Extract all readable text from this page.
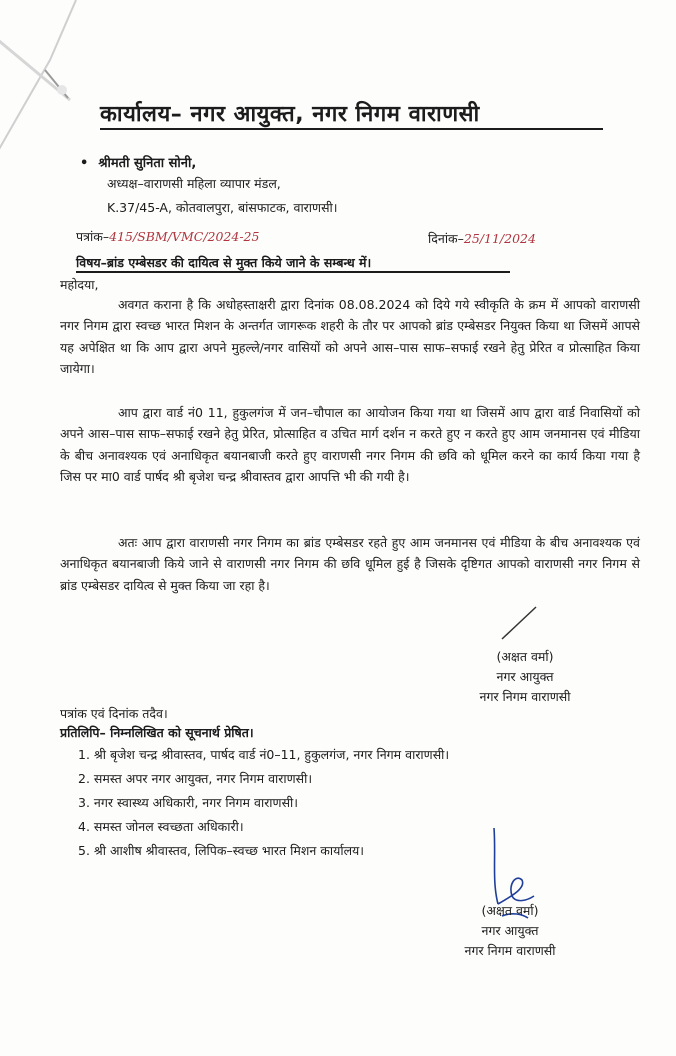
कार्यालय– नगर आयुक्त, नगर निगम वाराणसी
• श्रीमती सुनिता सोनी,
अध्यक्ष–वाराणसी महिला व्यापार मंडल,
K.37/45-A, कोतवालपुरा, बांसफाटक, वाराणसी।
पत्रांक–415/SBM/VMC/2024-25	दिनांक–25/11/2024
विषय–ब्रांड एम्बेसडर की दायित्व से मुक्त किये जाने के सम्बन्ध में।
महोदया,
अवगत कराना है कि अधोहस्ताक्षरी द्वारा दिनांक 08.08.2024 को दिये गये स्वीकृति के क्रम में आपको वाराणसी नगर निगम द्वारा स्वच्छ भारत मिशन के अन्तर्गत जागरूक शहरी के तौर पर आपको ब्रांड एम्बेसडर नियुक्त किया था जिसमें आपसे यह अपेक्षित था कि आप द्वारा अपने मुहल्ले/नगर वासियों को अपने आस–पास साफ–सफाई रखने हेतु प्रेरित व प्रोत्साहित किया जायेगा।
आप द्वारा वार्ड नं0 11, हुकुलगंज में जन–चौपाल का आयोजन किया गया था जिसमें आप द्वारा वार्ड निवासियों को अपने आस–पास साफ–सफाई रखने हेतु प्रेरित, प्रोत्साहित व उचित मार्ग दर्शन न करते हुए न करते हुए आम जनमानस एवं मीडिया के बीच अनावश्यक एवं अनाधिकृत बयानबाजी करते हुए वाराणसी नगर निगम की छवि को धूमिल करने का कार्य किया गया है जिस पर मा0 वार्ड पार्षद श्री बृजेश चन्द्र श्रीवास्तव द्वारा आपत्ति भी की गयी है।
अतः आप द्वारा वाराणसी नगर निगम का ब्रांड एम्बेसडर रहते हुए आम जनमानस एवं मीडिया के बीच अनावश्यक एवं अनाधिकृत बयानबाजी किये जाने से वाराणसी नगर निगम की छवि धूमिल हुई है जिसके दृष्टिगत आपको वाराणसी नगर निगम से ब्रांड एम्बेसडर दायित्व से मुक्त किया जा रहा है।
(अक्षत वर्मा)
नगर आयुक्त
नगर निगम वाराणसी
पत्रांक एवं दिनांक तदैव।
प्रतिलिपि– निम्नलिखित को सूचनार्थ प्रेषित।
1. श्री बृजेश चन्द्र श्रीवास्तव, पार्षद वार्ड नं0–11, हुकुलगंज, नगर निगम वाराणसी।
2. समस्त अपर नगर आयुक्त, नगर निगम वाराणसी।
3. नगर स्वास्थ्य अधिकारी, नगर निगम वाराणसी।
4. समस्त जोनल स्वच्छता अधिकारी।
5. श्री आशीष श्रीवास्तव, लिपिक–स्वच्छ भारत मिशन कार्यालय।
(अक्षत वर्मा)
नगर आयुक्त
नगर निगम वाराणसी
